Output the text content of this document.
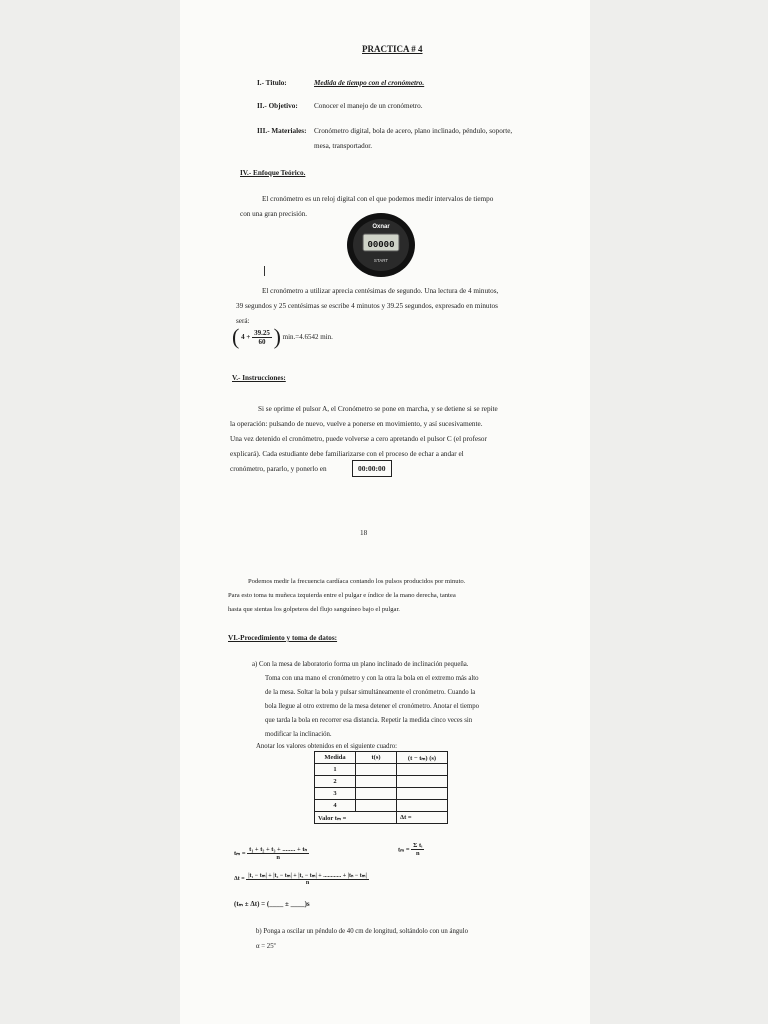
PRACTICA # 4
I.- Titulo:	Medida de tiempo con el cronómetro.
II.- Objetivo: Conocer el manejo de un cronómetro.
III.- Materiales: Cronómetro digital, bola de acero, plano inclinado, péndulo, soporte,
mesa, transportador.
IV.- Enfoque Teórico.
El cronómetro es un reloj digital con el que podemos medir intervalos de tiempo
con una gran precisión.
Oxnar
00000
START
El cronómetro a utilizar aprecia centésimas de segundo. Una lectura de 4 minutos,
39 segundos y 25 centésimas se escribe 4 minutos y 39.25 segundos, expresado en minutos
será:
( $4 + \frac{39.25}{60}$ ) min.=4.6542 min.
V.- Instrucciones:
Si se oprime el pulsor A, el Cronómetro se pone en marcha, y se detiene si se repite
la operación: pulsando de nuevo, vuelve a ponerse en movimiento, y así sucesivamente.
Una vez detenido el cronómetro, puede volverse a cero apretando el pulsor C (el profesor
explicará). Cada estudiante debe familiarizarse con el proceso de echar a andar el
cronómetro, pararlo, y ponerlo en	00:00:00
18
Podemos medir la frecuencia cardíaca contando los pulsos producidos por minuto.
Para esto toma tu muñeca izquierda entre el pulgar e índice de la mano derecha, tantea
hasta que sientas los golpeteos del flujo sanguíneo bajo el pulgar.
VI.-Procedimiento y toma de datos:
a) Con la mesa de laboratorio forma un plano inclinado de inclinación pequeña.
Toma con una mano el cronómetro y con la otra la bola en el extremo más alto
de la mesa. Soltar la bola y pulsar simultáneamente el cronómetro. Cuando la
bola llegue al otro extremo de la mesa detener el cronómetro. Anotar el tiempo
que tarda la bola en recorrer esa distancia. Repetir la medida cinco veces sin
modificar la inclinación.
Anotar los valores obtenidos en el siguiente cuadro:
Medida	t(s)	(t − tₘ) (s)
1		
2		
3		
4		
Valor tₘ =		Δt =
$t_m = \frac{\text{t₁ + t₂ + t₃ + ........ + tₙ}}{n}$	$t_m = \frac{\text{Σ tᵢ}}{n}$
$\Delta t = \frac{\text{|t₁ − tₘ| + |t₂ − tₘ| + |t₃ − tₘ| + ............ + |tₙ − tₘ|}}{n}$
(tₘ ± Δt) = (____ ± ____)s
b) Ponga a oscilar un péndulo de 40 cm de longitud, soltándolo con un ángulo
α = 25º
